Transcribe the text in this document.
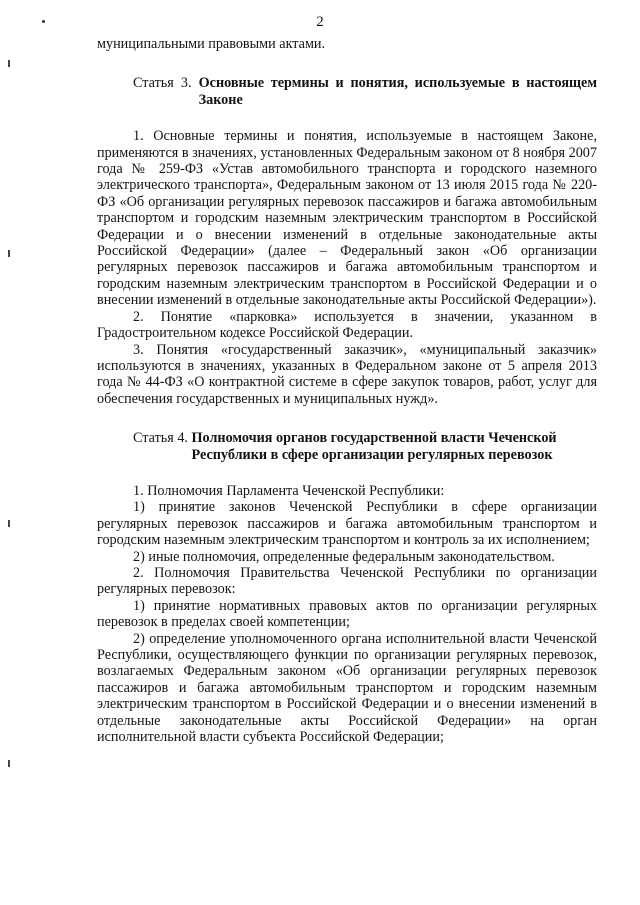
2

муниципальными правовыми актами.

Статья  3. Основные термины и понятия, используемые в настоящем Законе

1. Основные термины и понятия, используемые в настоящем Законе, применяются в значениях, установленных Федеральным законом от 8 ноября 2007 года № 259-ФЗ «Устав автомобильного транспорта и городского наземного электрического транспорта», Федеральным законом от 13 июля 2015 года № 220-ФЗ «Об организации регулярных перевозок пассажиров и багажа автомобильным транспортом и городским наземным электрическим транспортом в Российской Федерации и о внесении изменений в отдельные законодательные акты Российской Федерации» (далее – Федеральный закон «Об организации регулярных перевозок пассажиров и багажа автомобильным транспортом и городским наземным электрическим транспортом в Российской Федерации и о внесении изменений в отдельные законодательные акты Российской Федерации»).

2. Понятие «парковка» используется в значении, указанном в Градостроительном кодексе Российской Федерации.

3. Понятия «государственный заказчик», «муниципальный заказчик» используются в значениях, указанных в Федеральном законе от 5 апреля 2013 года № 44-ФЗ «О контрактной системе в сфере закупок товаров, работ, услуг для обеспечения государственных и муниципальных нужд».

Статья 4. Полномочия органов государственной власти Чеченской Республики в сфере организации регулярных перевозок

1. Полномочия Парламента Чеченской Республики:

1) принятие законов Чеченской Республики в сфере организации регулярных перевозок пассажиров и багажа автомобильным транспортом и городским наземным электрическим транспортом и контроль за их исполнением;

2) иные полномочия, определенные федеральным законодательством.

2. Полномочия Правительства Чеченской Республики по организации регулярных перевозок:

1) принятие нормативных правовых актов по организации регулярных перевозок в пределах своей компетенции;

2) определение уполномоченного органа исполнительной власти Чеченской Республики, осуществляющего функции по организации регулярных перевозок, возлагаемых Федеральным законом «Об организации регулярных перевозок пассажиров и багажа автомобильным транспортом и городским наземным электрическим транспортом в Российской Федерации и о внесении изменений в отдельные законодательные акты Российской Федерации» на орган исполнительной власти субъекта Российской Федерации;
